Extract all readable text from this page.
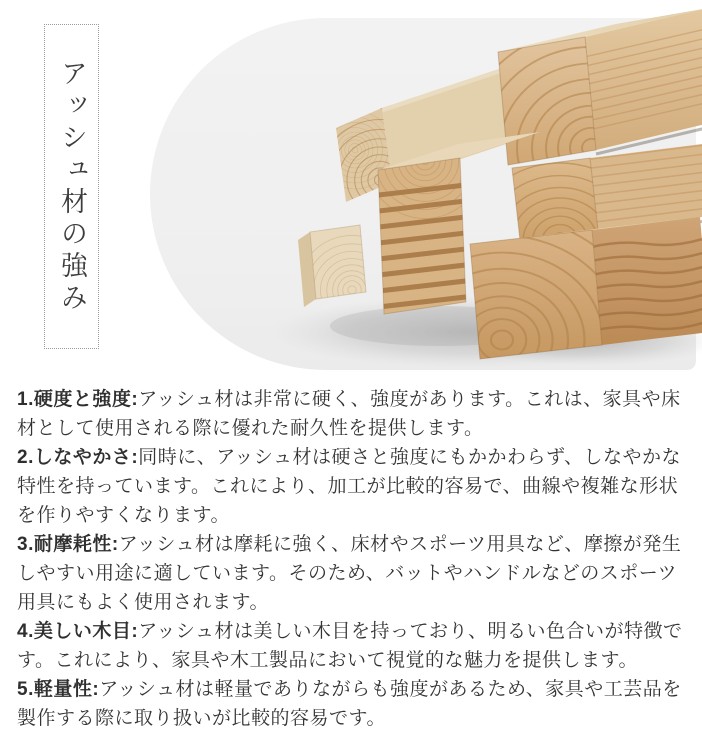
アッシュ材の強み

1.硬度と強度:アッシュ材は非常に硬く、強度があります。これは、家具や床材として使用される際に優れた耐久性を提供します。

2.しなやかさ:同時に、アッシュ材は硬さと強度にもかかわらず、しなやかな特性を持っています。これにより、加工が比較的容易で、曲線や複雑な形状を作りやすくなります。

3.耐摩耗性:アッシュ材は摩耗に強く、床材やスポーツ用具など、摩擦が発生しやすい用途に適しています。そのため、バットやハンドルなどのスポーツ用具にもよく使用されます。

4.美しい木目:アッシュ材は美しい木目を持っており、明るい色合いが特徴です。これにより、家具や木工製品において視覚的な魅力を提供します。

5.軽量性:アッシュ材は軽量でありながらも強度があるため、家具や工芸品を製作する際に取り扱いが比較的容易です。
